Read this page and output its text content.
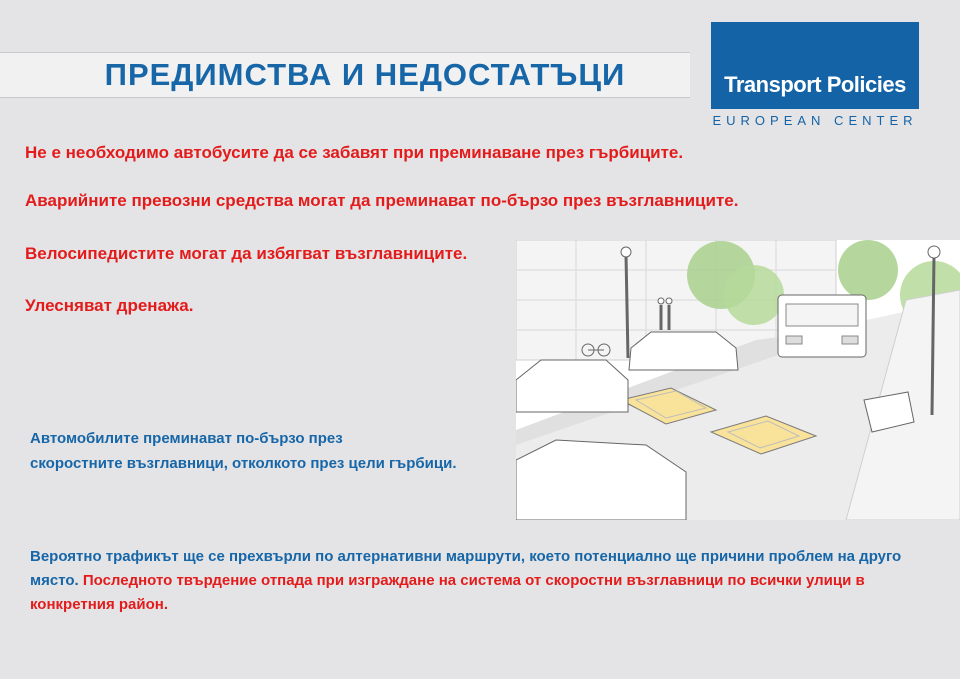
ПРЕДИМСТВА И НЕДОСТАТЪЦИ	Transport Policies
EUROPEAN CENTER

Не е необходимо автобусите да се забавят при преминаване през гърбиците.

Аварийните превозни средства могат да преминават по-бързо през възглавниците.

Велосипедистите могат да избягват възглавниците.

Улесняват дренажа.

Автомобилите преминават по-бързо през

скоростните възглавници, отколкото през цели гърбици.

Вероятно трафикът ще се прехвърли по алтернативни маршрути, което потенциално ще причини проблем на друго място. Последното твърдение отпада при изграждане на система от скоростни възглавници по всички улици в конкретния район.
